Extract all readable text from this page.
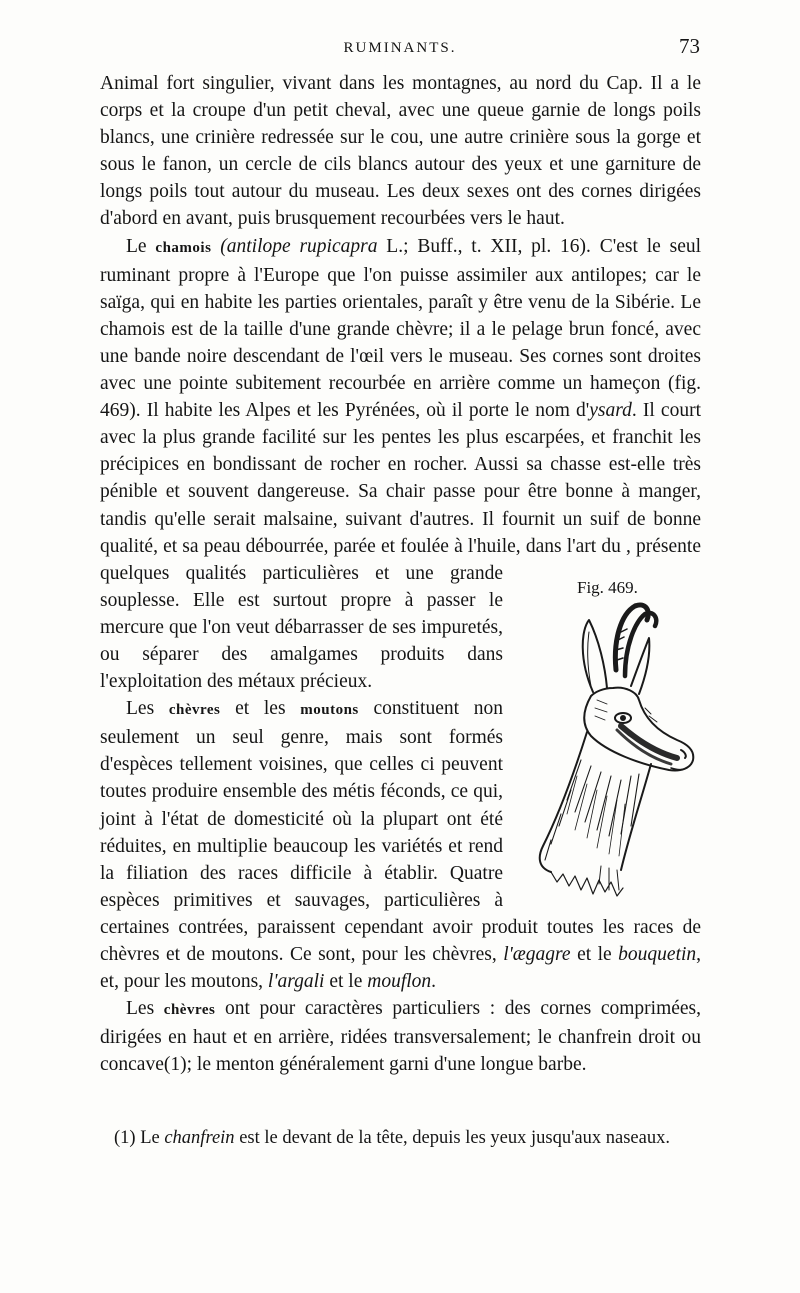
RUMINANTS.	73

Animal fort singulier, vivant dans les montagnes, au nord du Cap. Il a le corps et la croupe d'un petit cheval, avec une queue garnie de longs poils blancs, une crinière redressée sur le cou, une autre crinière sous la gorge et sous le fanon, un cercle de cils blancs autour des yeux et une garniture de longs poils tout autour du museau. Les deux sexes ont des cornes dirigées d'abord en avant, puis brusquement recourbées vers le haut.

Le chamois (antilope rupicapra L.; Buff., t. XII, pl. 16). C'est le seul ruminant propre à l'Europe que l'on puisse assimiler aux antilopes; car le saïga, qui en habite les parties orientales, paraît y être venu de la Sibérie. Le chamois est de la taille d'une grande chèvre; il a le pelage brun foncé, avec une bande noire descendant de l'œil vers le museau. Ses cornes sont droites avec une pointe subitement recourbée en arrière comme un hameçon (fig. 469). Il habite les Alpes et les Pyrénées, où il porte le nom d'ysard. Il court avec la plus grande facilité sur les pentes les plus escarpées, et franchit les précipices en bondissant de rocher en rocher. Aussi sa chasse est-elle très pénible et souvent dangereuse. Sa chair passe pour être bonne à manger, tandis qu'elle serait malsaine, suivant d'autres. Il fournit un suif de bonne qualité, et sa peau débourrée, parée et foulée à l'huile, dans l'art du
Fig. 469.
, présente quelques qualités particulières et une grande souplesse. Elle est surtout propre à passer le mercure que l'on veut débarrasser de ses impuretés, ou séparer des amalgames produits dans l'exploitation des métaux précieux.

Les chèvres et les moutons constituent non seulement un seul genre, mais sont formés d'espèces tellement voisines, que celles ci peuvent toutes produire ensemble des métis féconds, ce qui, joint à l'état de domesticité où la plupart ont été réduites, en multiplie beaucoup les variétés et rend la filiation des races difficile à établir. Quatre espèces primitives et sauvages, particulières à certaines contrées, paraissent cependant avoir produit toutes les races de chèvres et de moutons. Ce sont, pour les chèvres, l'ægagre et le bouquetin, et, pour les moutons, l'argali et le mouflon.

Les chèvres ont pour caractères particuliers : des cornes comprimées, dirigées en haut et en arrière, ridées transversalement; le chanfrein droit ou concave(1); le menton généralement garni d'une longue barbe.

(1) Le chanfrein est le devant de la tête, depuis les yeux jusqu'aux naseaux.
